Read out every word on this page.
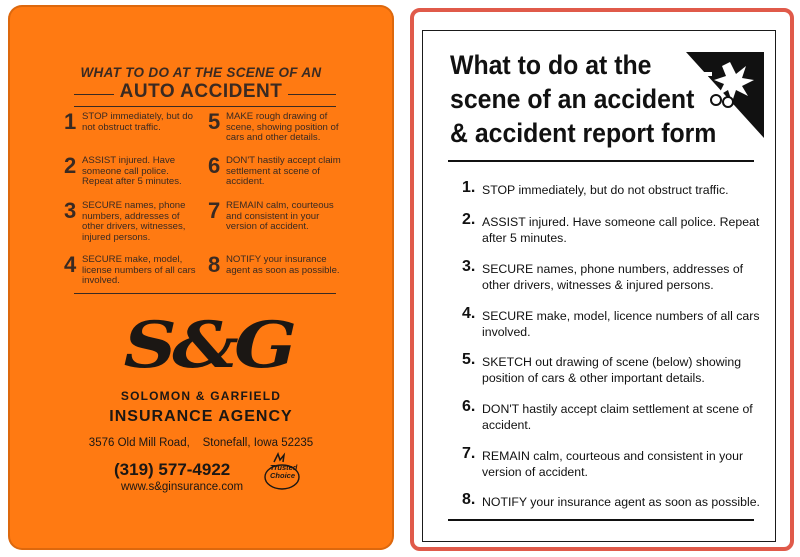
WHAT TO DO AT THE SCENE OF AN
AUTO ACCIDENT
1 STOP immediately, but do not obstruct traffic.
2 ASSIST injured. Have someone call police. Repeat after 5 minutes.
3 SECURE names, phone numbers, addresses of other drivers, witnesses, injured persons.
4 SECURE make, model, license numbers of all cars involved.
5 MAKE rough drawing of scene, showing position of cars and other details.
6 DON'T hastily accept claim settlement at scene of accident.
7 REMAIN calm, courteous and consistent in your version of accident.
8 NOTIFY your insurance agent as soon as possible.
S&G
SOLOMON & GARFIELD
INSURANCE AGENCY
3576 Old Mill Road,    Stonefall, Iowa 52235
(319) 577-4922
www.s&ginsurance.com
Trusted Choice
What to do at the
scene of an accident
& accident report form
1. STOP immediately, but do not obstruct traffic.
2. ASSIST injured. Have someone call police. Repeat after 5 minutes.
3. SECURE names, phone numbers, addresses of other drivers, witnesses & injured persons.
4. SECURE make, model, licence numbers of all cars involved.
5. SKETCH out drawing of scene (below) showing position of cars & other important details.
6. DON'T hastily accept claim settlement at scene of accident.
7. REMAIN calm, courteous and consistent in your version of accident.
8. NOTIFY your insurance agent as soon as possible.
